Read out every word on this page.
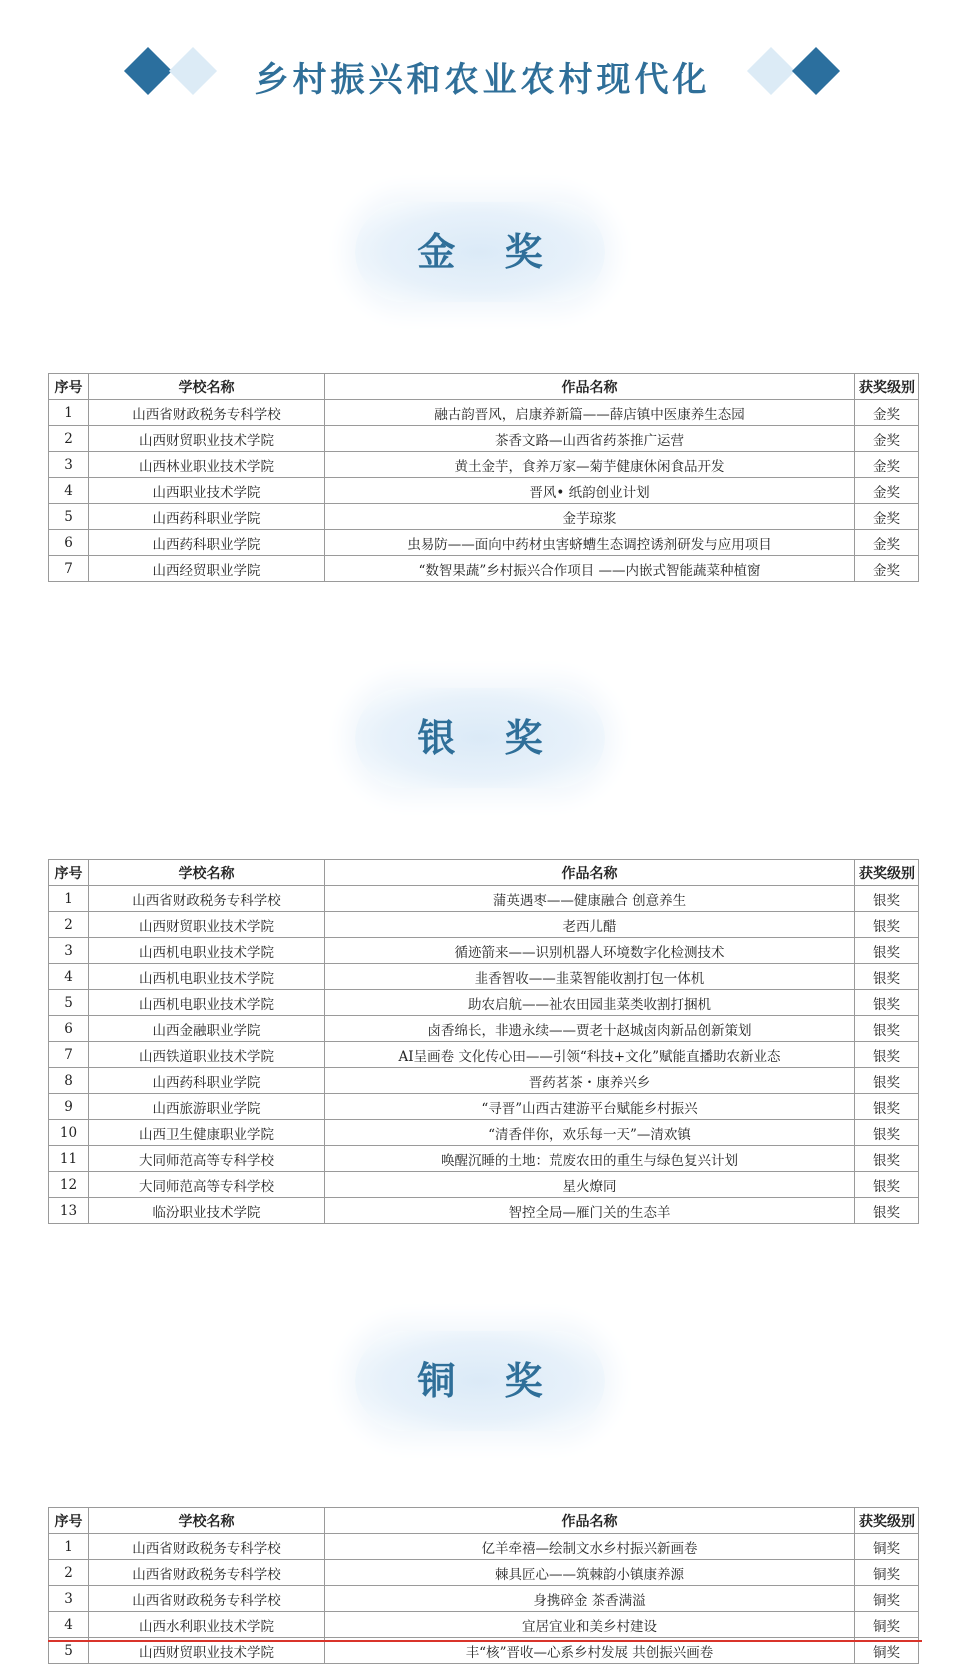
乡村振兴和农业农村现代化
金 奖
序号	学校名称	作品名称	获奖级别
1	山西省财政税务专科学校	融古韵晋风，启康养新篇——薛店镇中医康养生态园	金奖
2	山西财贸职业技术学院	茶香文路—山西省药茶推广运营	金奖
3	山西林业职业技术学院	黄土金芋，食养万家—菊芋健康休闲食品开发	金奖
4	山西职业技术学院	晋风• 纸韵创业计划	金奖
5	山西药科职业学院	金芋琼浆	金奖
6	山西药科职业学院	虫易防——面向中药材虫害蛴螬生态调控诱剂研发与应用项目	金奖
7	山西经贸职业学院	“数智果蔬”乡村振兴合作项目 ——内嵌式智能蔬菜种植窗	金奖
银 奖
序号	学校名称	作品名称	获奖级别
1	山西省财政税务专科学校	蒲英遇枣——健康融合 创意养生	银奖
2	山西财贸职业技术学院	老西儿醋	银奖
3	山西机电职业技术学院	循迹箭来——识别机器人环境数字化检测技术	银奖
4	山西机电职业技术学院	韭香智收——韭菜智能收割打包一体机	银奖
5	山西机电职业技术学院	助农启航——祉农田园韭菜类收割打捆机	银奖
6	山西金融职业学院	卤香绵长，非遗永续——贾老十赵城卤肉新品创新策划	银奖
7	山西铁道职业技术学院	AI呈画卷 文化传心田——引领“科技+文化”赋能直播助农新业态	银奖
8	山西药科职业学院	晋药茗茶・康养兴乡	银奖
9	山西旅游职业学院	“寻晋”山西古建游平台赋能乡村振兴	银奖
10	山西卫生健康职业学院	“清香伴你，欢乐每一天”—清欢镇	银奖
11	大同师范高等专科学校	唤醒沉睡的土地：荒废农田的重生与绿色复兴计划	银奖
12	大同师范高等专科学校	星火燎同	银奖
13	临汾职业技术学院	智控全局—雁门关的生态羊	银奖
铜 奖
序号	学校名称	作品名称	获奖级别
1	山西省财政税务专科学校	亿羊牵禧—绘制文水乡村振兴新画卷	铜奖
2	山西省财政税务专科学校	棘具匠心——筑棘韵小镇康养源	铜奖
3	山西省财政税务专科学校	身携碎金 茶香满溢	铜奖
4	山西水利职业技术学院	宜居宜业和美乡村建设	铜奖
5	山西财贸职业技术学院	丰“核”晋收—心系乡村发展 共创振兴画卷	铜奖
